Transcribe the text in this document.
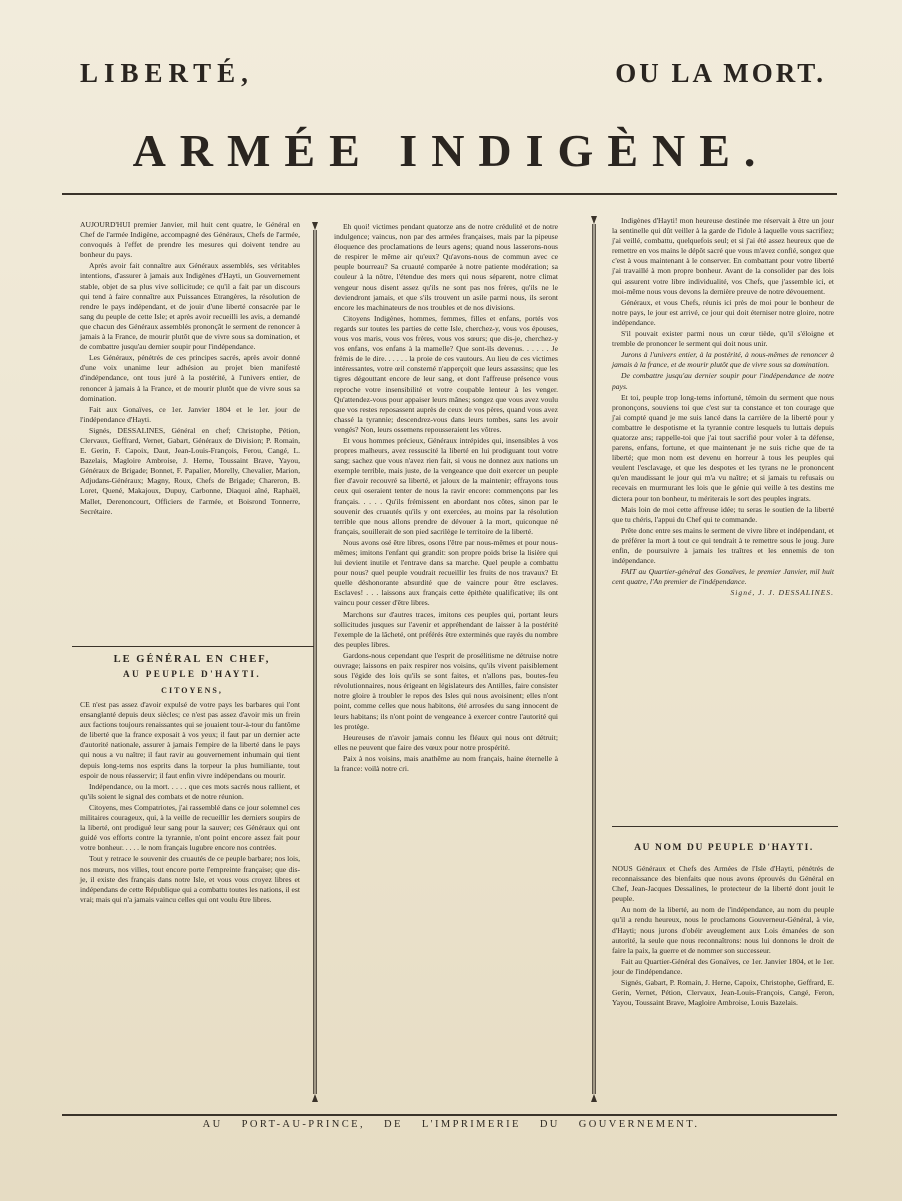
LIBERTÉ,	OU LA MORT.
ARMÉE INDIGÈNE.

AUJOURD'HUI premier Janvier, mil huit cent quatre, le Général en Chef de l'armée Indigène, accompagné des Généraux, Chefs de l'armée, convoqués à l'effet de prendre les mesures qui doivent tendre au bonheur du pays.

Après avoir fait connaître aux Généraux assemblés, ses véritables intentions, d'assurer à jamais aux Indigènes d'Hayti, un Gouvernement stable, objet de sa plus vive sollicitude; ce qu'il a fait par un discours qui tend à faire connaître aux Puissances Etrangères, la résolution de rendre le pays indépendant, et de jouir d'une liberté consacrée par le sang du peuple de cette Isle; et après avoir recueilli les avis, a demandé que chacun des Généraux assemblés prononçât le serment de renoncer à jamais à la France, de mourir plutôt que de vivre sous sa domination, et de combattre jusqu'au dernier soupir pour l'indépendance.

Les Généraux, pénétrés de ces principes sacrés, après avoir donné d'une voix unanime leur adhésion au projet bien manifesté d'indépendance, ont tous juré à la postérité, à l'univers entier, de renoncer à jamais à la France, et de mourir plutôt que de vivre sous sa domination.

Fait aux Gonaïves, ce 1er. Janvier 1804 et le 1er. jour de l'indépendance d'Hayti.

Signés, DESSALINES, Général en chef; Christophe, Pétion, Clervaux, Geffrard, Vernet, Gabart, Généraux de Division; P. Romain, E. Gerin, F. Capoix, Daut, Jean-Louis-François, Ferou, Cangé, L. Bazelais, Magloire Ambroise, J. Herne, Toussaint Brave, Yayou, Généraux de Brigade; Bonnet, F. Papalier, Morelly, Chevalier, Marion, Adjudans-Généraux; Magny, Roux, Chefs de Brigade; Chareron, B. Loret, Quené, Makajoux, Dupuy, Carbonne, Diaquoi aîné, Raphaël, Mallet, Derenoncourt, Officiers de l'armée, et Boisrond Tonnerre, Secrétaire.

LE GÉNÉRAL EN CHEF,
AU PEUPLE D'HAYTI.
CITOYENS,

CE n'est pas assez d'avoir expulsé de votre pays les barbares qui l'ont ensanglanté depuis deux siècles; ce n'est pas assez d'avoir mis un frein aux factions toujours renaissantes qui se jouaient tour-à-tour du fantôme de liberté que la france exposait à vos yeux; il faut par un dernier acte d'autorité nationale, assurer à jamais l'empire de la liberté dans le pays qui nous a vu naître; il faut ravir au gouvernement inhumain qui tient depuis long-tems nos esprits dans la torpeur la plus humiliante, tout espoir de nous réasservir; il faut enfin vivre indépendans ou mourir.

Indépendance, ou la mort. . . . . que ces mots sacrés nous rallient, et qu'ils soient le signal des combats et de notre réunion.

Citoyens, mes Compatriotes, j'ai rassemblé dans ce jour solemnel ces militaires courageux, qui, à la veille de recueillir les derniers soupirs de la liberté, ont prodigué leur sang pour la sauver; ces Généraux qui ont guidé vos efforts contre la tyrannie, n'ont point encore assez fait pour votre bonheur. . . . . le nom français lugubre encore nos contrées.

Tout y retrace le souvenir des cruautés de ce peuple barbare; nos lois, nos mœurs, nos villes, tout encore porte l'empreinte française; que dis-je, il existe des français dans notre Isle, et vous vous croyez libres et indépendans de cette République qui a combattu toutes les nations, il est vrai; mais qui n'a jamais vaincu celles qui ont voulu être libres.

Eh quoi! victimes pendant quatorze ans de notre crédulité et de notre indulgence; vaincus, non par des armées françaises, mais par la pipeuse éloquence des proclamations de leurs agens; quand nous lasserons-nous de respirer le même air qu'eux? Qu'avons-nous de commun avec ce peuple bourreau? Sa cruauté comparée à notre patiente modération; sa couleur à la nôtre, l'étendue des mers qui nous séparent, notre climat vengeur nous disent assez qu'ils ne sont pas nos frères, qu'ils ne le deviendront jamais, et que s'ils trouvent un asile parmi nous, ils seront encore les machinateurs de nos troubles et de nos divisions.

Citoyens Indigènes, hommes, femmes, filles et enfans, portés vos regards sur toutes les parties de cette Isle, cherchez-y, vous vos épouses, vous vos maris, vous vos frères, vous vos sœurs; que dis-je, cherchez-y vos enfans, vos enfans à la mamelle? Que sont-ils devenus. . . . . . Je frémis de le dire. . . . . . la proie de ces vautours. Au lieu de ces victimes intéressantes, votre œil consterné n'apperçoit que leurs assassins; que les tigres dégouttant encore de leur sang, et dont l'affreuse présence vous reproche votre insensibilité et votre coupable lenteur à les venger. Qu'attendez-vous pour appaiser leurs mânes; songez que vous avez voulu que vos restes reposassent auprès de ceux de vos pères, quand vous avez chassé la tyrannie; descendrez-vous dans leurs tombes, sans les avoir vengés? Non, leurs ossemens repousseraient les vôtres.

Et vous hommes précieux, Généraux intrépides qui, insensibles à vos propres malheurs, avez ressuscité la liberté en lui prodiguant tout votre sang; sachez que vous n'avez rien fait, si vous ne donnez aux nations un exemple terrible, mais juste, de la vengeance que doit exercer un peuple fier d'avoir recouvré sa liberté, et jaloux de la maintenir; effrayons tous ceux qui oseraient tenter de nous la ravir encore: commençons par les français. . . . . Qu'ils frémissent en abordant nos côtes, sinon par le souvenir des cruautés qu'ils y ont exercées, au moins par la résolution terrible que nous allons prendre de dévouer à la mort, quiconque né français, souillerait de son pied sacrilège le territoire de la liberté.

Nous avons osé être libres, osons l'être par nous-mêmes et pour nous-mêmes; imitons l'enfant qui grandit: son propre poids brise la lisière qui lui devient inutile et l'entrave dans sa marche. Quel peuple a combattu pour nous? quel peuple voudrait recueillir les fruits de nos travaux? Et quelle déshonorante absurdité que de vaincre pour être esclaves. Esclaves! . . . laissons aux français cette épithète qualificative; ils ont vaincu pour cesser d'être libres.

Marchons sur d'autres traces, imitons ces peuples qui, portant leurs sollicitudes jusques sur l'avenir et appréhendant de laisser à la postérité l'exemple de la lâcheté, ont préférés être exterminés que rayés du nombre des peuples libres.

Gardons-nous cependant que l'esprit de prosélitisme ne détruise notre ouvrage; laissons en paix respirer nos voisins, qu'ils vivent paisiblement sous l'égide des lois qu'ils se sont faites, et n'allons pas, boutes-feu révolutionnaires, nous érigeant en législateurs des Antilles, faire consister notre gloire à troubler le repos des Isles qui nous avoisinent; elles n'ont point, comme celles que nous habitons, été arrosées du sang innocent de leurs habitans; ils n'ont point de vengeance à exercer contre l'autorité qui les protège.

Heureuses de n'avoir jamais connu les fléaux qui nous ont détruit; elles ne peuvent que faire des vœux pour notre prospérité.

Paix à nos voisins, mais anathême au nom français, haine éternelle à la france: voilà notre cri.

Indigènes d'Hayti! mon heureuse destinée me réservait à être un jour la sentinelle qui dût veiller à la garde de l'idole à laquelle vous sacrifiez; j'ai veillé, combattu, quelquefois seul; et si j'ai été assez heureux que de remettre en vos mains le dépôt sacré que vous m'avez confié, songez que c'est à vous maintenant à le conserver. En combattant pour votre liberté j'ai travaillé à mon propre bonheur. Avant de la consolider par des lois qui assurent votre libre individualité, vos Chefs, que j'assemble ici, et moi-même nous vous devons la dernière preuve de notre dévouement.

Généraux, et vous Chefs, réunis ici près de moi pour le bonheur de notre pays, le jour est arrivé, ce jour qui doit éterniser notre gloire, notre indépendance.

S'il pouvait exister parmi nous un cœur tiède, qu'il s'éloigne et tremble de prononcer le serment qui doit nous unir.

Jurons à l'univers entier, à la postérité, à nous-mêmes de renoncer à jamais à la france, et de mourir plutôt que de vivre sous sa domination.

De combattre jusqu'au dernier soupir pour l'indépendance de notre pays.

Et toi, peuple trop long-tems infortuné, témoin du serment que nous prononçons, souviens toi que c'est sur ta constance et ton courage que j'ai compté quand je me suis lancé dans la carrière de la liberté pour y combattre le despotisme et la tyrannie contre lesquels tu luttais depuis quatorze ans; rappelle-toi que j'ai tout sacrifié pour voler à ta défense, parens, enfans, fortune, et que maintenant je ne suis riche que de ta liberté; que mon nom est devenu en horreur à tous les peuples qui veulent l'esclavage, et que les despotes et les tyrans ne le prononcent qu'en maudissant le jour qui m'a vu naître; et si jamais tu refusais ou recevais en murmurant les lois que le génie qui veille à tes destins me dictera pour ton bonheur, tu mériterais le sort des peuples ingrats.

Mais loin de moi cette affreuse idée; tu seras le soutien de la liberté que tu chéris, l'appui du Chef qui te commande.

Prête donc entre ses mains le serment de vivre libre et indépendant, et de préférer la mort à tout ce qui tendrait à te remettre sous le joug. Jure enfin, de poursuivre à jamais les traîtres et les ennemis de ton indépendance.

FAIT au Quartier-général des Gonaïves, le premier Janvier, mil huit cent quatre, l'An premier de l'indépendance.

Signé, J. J. DESSALINES.

AU NOM DU PEUPLE D'HAYTI.

NOUS Généraux et Chefs des Armées de l'Isle d'Hayti, pénétrés de reconnaissance des bienfaits que nous avons éprouvés du Général en Chef, Jean-Jacques Dessalines, le protecteur de la liberté dont jouit le peuple.

Au nom de la liberté, au nom de l'indépendance, au nom du peuple qu'il a rendu heureux, nous le proclamons Gouverneur-Général, à vie, d'Hayti; nous jurons d'obéir aveuglement aux Lois émanées de son autorité, la seule que nous reconnaîtrons: nous lui donnons le droit de faire la paix, la guerre et de nommer son successeur.

Fait au Quartier-Général des Gonaïves, ce 1er. Janvier 1804, et le 1er. jour de l'indépendance.

Signés, Gabart, P. Romain, J. Herne, Capoix, Christophe, Geffrard, E. Gerin, Vernet, Pétion, Clervaux, Jean-Louis-François, Cangé, Feron, Yayou, Toussaint Brave, Magloire Ambroise, Louis Bazelais.

AU PORT-AU-PRINCE, DE L'IMPRIMERIE DU GOUVERNEMENT.
